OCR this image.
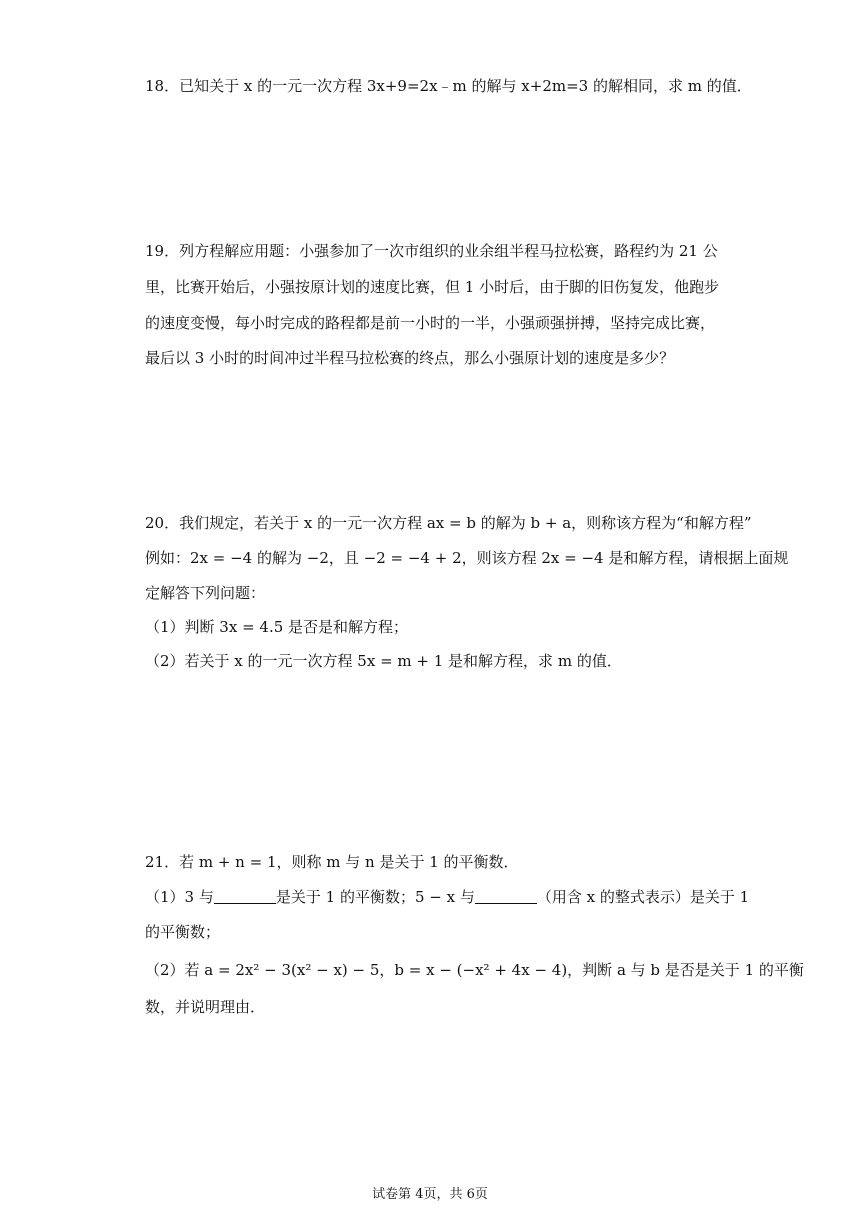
18．已知关于 x 的一元一次方程 3x+9=2x﹣m 的解与 x+2m=3 的解相同，求 m 的值．
19．列方程解应用题：小强参加了一次市组织的业余组半程马拉松赛，路程约为 21 公
里，比赛开始后，小强按原计划的速度比赛，但 1 小时后，由于脚的旧伤复发，他跑步
的速度变慢，每小时完成的路程都是前一小时的一半，小强顽强拼搏，坚持完成比赛，
最后以 3 小时的时间冲过半程马拉松赛的终点，那么小强原计划的速度是多少？
20．我们规定，若关于 x 的一元一次方程 ax = b 的解为 b + a，则称该方程为“和解方程”
例如：2x = −4 的解为 −2，且 −2 = −4 + 2，则该方程 2x = −4 是和解方程，请根据上面规
定解答下列问题：
（1）判断 3x = 4.5 是否是和解方程；
（2）若关于 x 的一元一次方程 5x = m + 1 是和解方程，求 m 的值．
21．若 m + n = 1，则称 m 与 n 是关于 1 的平衡数．
（1）3 与	是关于 1 的平衡数；5 − x 与	（用含 x 的整式表示）是关于 1
的平衡数；
（2）若 a = 2x² − 3(x² − x) − 5，b = x − (−x² + 4x − 4)，判断 a 与 b 是否是关于 1 的平衡
数，并说明理由．
试卷第 4页，共 6页
